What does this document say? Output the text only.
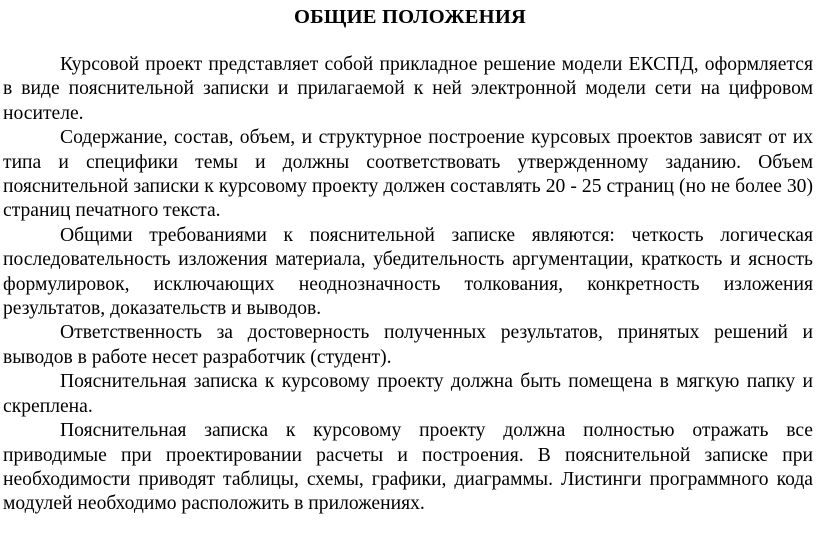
ОБЩИЕ ПОЛОЖЕНИЯ

Курсовой проект представляет собой прикладное решение модели ЕКСПД, оформляется в виде пояснительной записки и прилагаемой к ней электронной модели сети на цифровом носителе.

Содержание, состав, объем, и структурное построение курсовых проектов зависят от их типа и специфики темы и должны соответствовать утвержденному заданию. Объем пояснительной записки к курсовому проекту должен составлять 20 - 25 страниц (но не более 30) страниц печатного текста.

Общими требованиями к пояснительной записке являются: четкость логическая последовательность изложения материала, убедительность аргументации, краткость и ясность формулировок, исключающих неоднозначность толкования, конкретность изложения результатов, доказательств и выводов.

Ответственность за достоверность полученных результатов, принятых решений и выводов в работе несет разработчик (студент).

Пояснительная записка к курсовому проекту должна быть помещена в мягкую папку и скреплена.

Пояснительная записка к курсовому проекту должна полностью отражать все приводимые при проектировании расчеты и построения. В пояснительной записке при необходимости приводят таблицы, схемы, графики, диаграммы. Листинги программного кода модулей необходимо расположить в приложениях.
